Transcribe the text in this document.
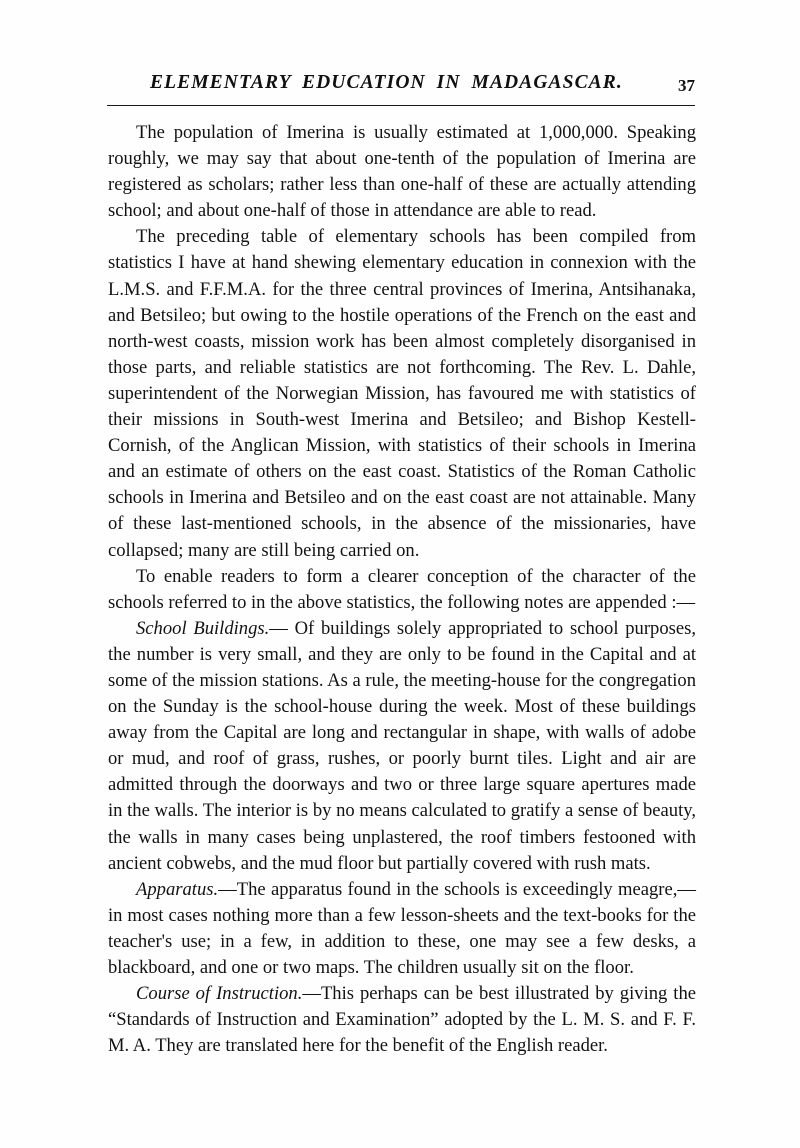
ELEMENTARY EDUCATION IN MADAGASCAR.	37

The population of Imerina is usually estimated at 1,000,000. Speaking roughly, we may say that about one-tenth of the population of Imerina are registered as scholars; rather less than one-half of these are actually attending school; and about one-half of those in attendance are able to read.

The preceding table of elementary schools has been compiled from statistics I have at hand shewing elementary education in connexion with the L.M.S. and F.F.M.A. for the three central provinces of Imerina, Antsihanaka, and Betsileo; but owing to the hostile operations of the French on the east and north-west coasts, mission work has been almost completely disorganised in those parts, and reliable statistics are not forthcoming. The Rev. L. Dahle, superintendent of the Norwegian Mission, has favoured me with statistics of their missions in South-west Imerina and Betsileo; and Bishop Kestell-Cornish, of the Anglican Mission, with statistics of their schools in Imerina and an estimate of others on the east coast. Statistics of the Roman Catholic schools in Imerina and Betsileo and on the east coast are not attainable. Many of these last-mentioned schools, in the absence of the missionaries, have collapsed; many are still being carried on.

To enable readers to form a clearer conception of the character of the schools referred to in the above statistics, the following notes are appended :—

School Buildings.— Of buildings solely appropriated to school purposes, the number is very small, and they are only to be found in the Capital and at some of the mission stations. As a rule, the meeting-house for the congregation on the Sunday is the school-house during the week. Most of these buildings away from the Capital are long and rectangular in shape, with walls of adobe or mud, and roof of grass, rushes, or poorly burnt tiles. Light and air are admitted through the doorways and two or three large square apertures made in the walls. The interior is by no means calculated to gratify a sense of beauty, the walls in many cases being unplastered, the roof timbers festooned with ancient cobwebs, and the mud floor but partially covered with rush mats.

Apparatus.—The apparatus found in the schools is exceedingly meagre,—in most cases nothing more than a few lesson-sheets and the text-books for the teacher's use; in a few, in addition to these, one may see a few desks, a blackboard, and one or two maps. The children usually sit on the floor.

Course of Instruction.—This perhaps can be best illustrated by giving the “Standards of Instruction and Examination” adopted by the L. M. S. and F. F. M. A. They are translated here for the benefit of the English reader.
